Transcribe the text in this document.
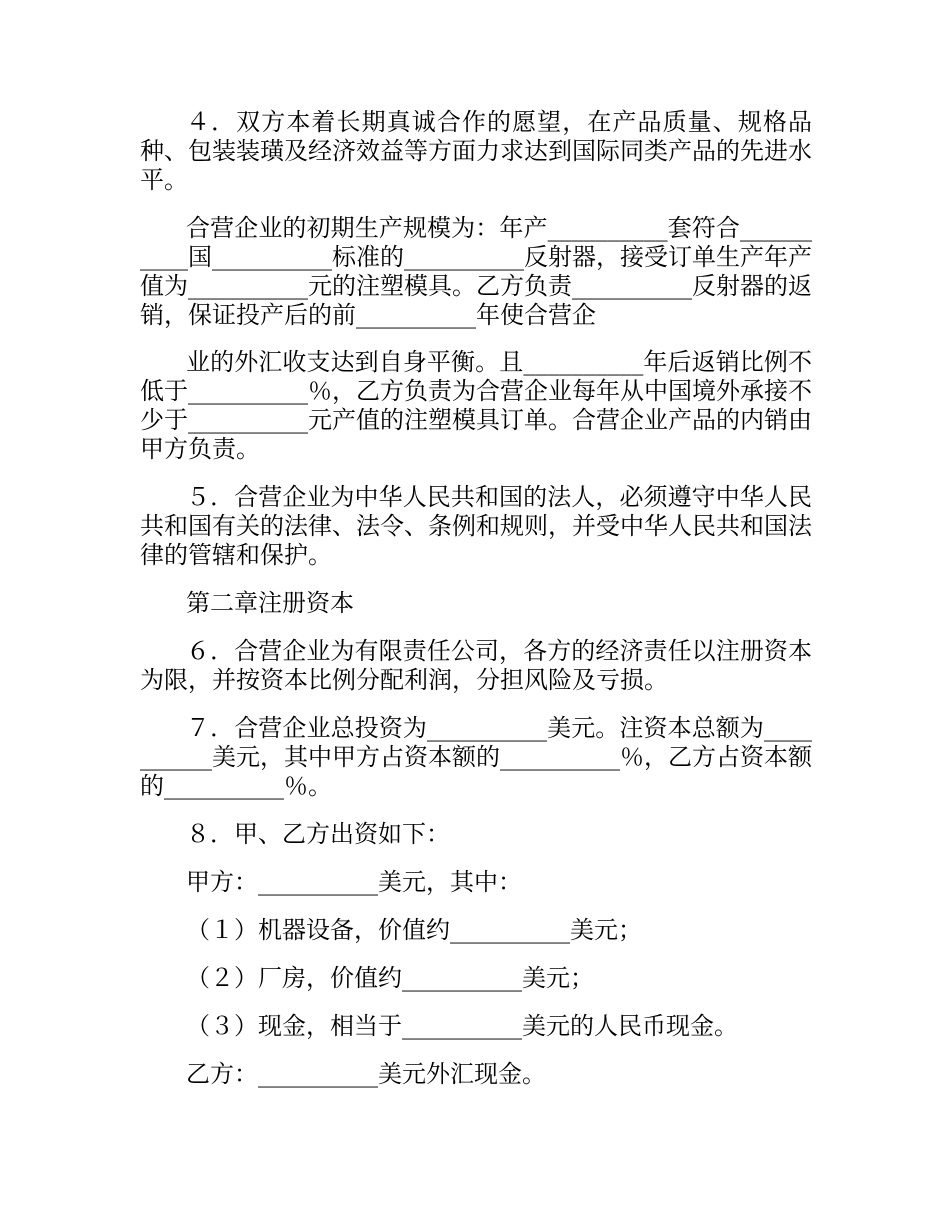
４．双方本着长期真诚合作的愿望，在产品质量、规格品种、包装装璜及经济效益等方面力求达到国际同类产品的先进水平。

合营企业的初期生产规模为：年产__________套符合__________国__________标准的__________反射器，接受订单生产年产值为__________元的注塑模具。乙方负责__________反射器的返销，保证投产后的前__________年使合营企

业的外汇收支达到自身平衡。且__________年后返销比例不低于__________％，乙方负责为合营企业每年从中国境外承接不少于__________元产值的注塑模具订单。合营企业产品的内销由甲方负责。

５．合营企业为中华人民共和国的法人，必须遵守中华人民共和国有关的法律、法令、条例和规则，并受中华人民共和国法律的管辖和保护。

第二章注册资本

６．合营企业为有限责任公司，各方的经济责任以注册资本为限，并按资本比例分配利润，分担风险及亏损。

７．合营企业总投资为__________美元。注资本总额为__________美元，其中甲方占资本额的__________％，乙方占资本额的__________％。

８．甲、乙方出资如下：

甲方：__________美元，其中：

（１）机器设备，价值约__________美元；

（２）厂房，价值约__________美元；

（３）现金，相当于__________美元的人民币现金。

乙方：__________美元外汇现金。
